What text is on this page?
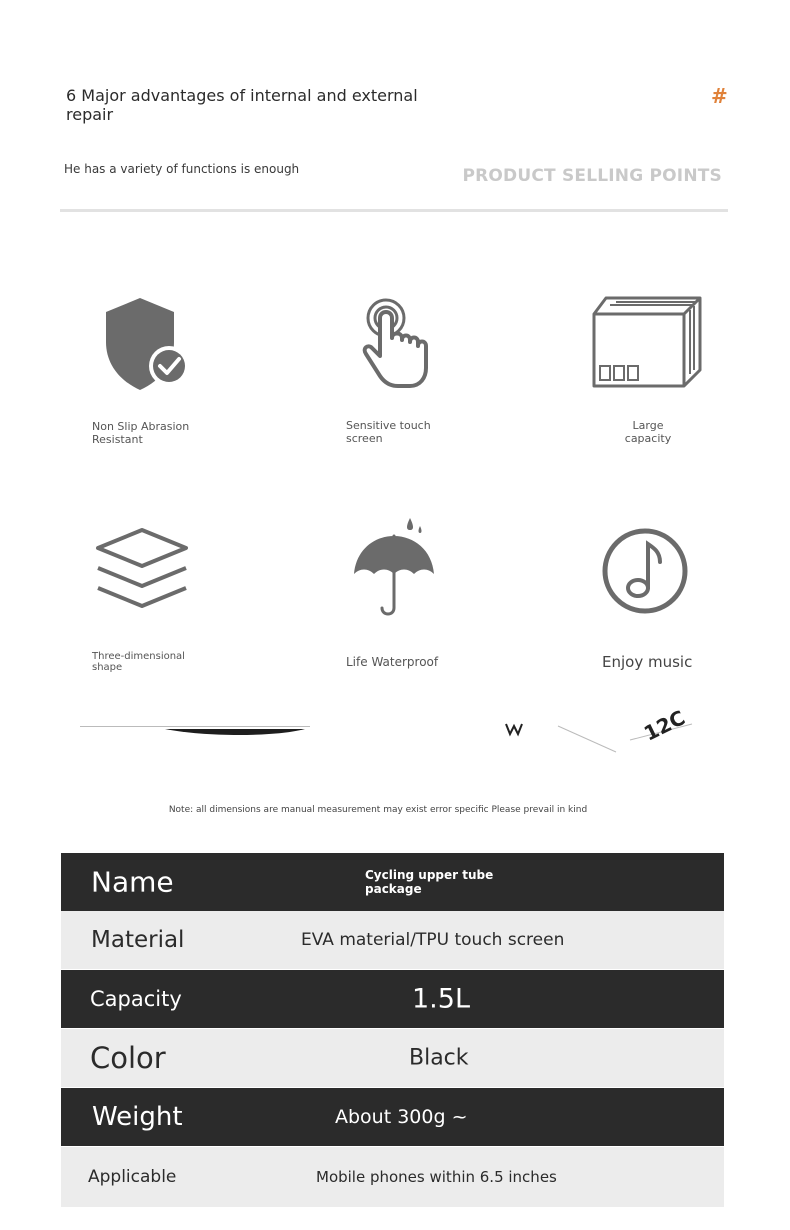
6 Major advantages of internal and external repair
#
He has a variety of functions is enough	PRODUCT SELLING POINTS
Non Slip Abrasion Resistant
Sensitive touch screen
Large capacity
Three-dimensional shape	Life Waterproof	Enjoy music
12C
Note: all dimensions are manual measurement may exist error specific Please prevail in kind
Name	Cycling upper tube package
Material	EVA material/TPU touch screen
Capacity	1.5L
Color	Black
Weight	About 300g ~
Applicable	Mobile phones within 6.5 inches
